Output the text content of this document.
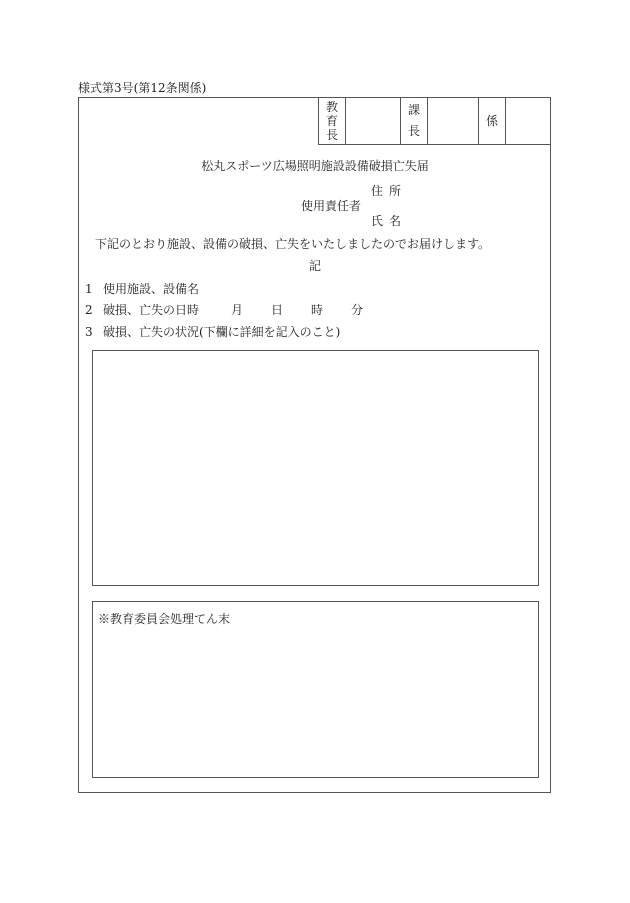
様式第3号(第12条関係)
教
育
長
課
長
係
松丸スポーツ広場照明施設設備破損亡失届
住所
使用責任者
氏名
下記のとおり施設、設備の破損、亡失をいたしましたのでお届けします。
記
1 使用施設、設備名
2 破損、亡失の日時	月 日 時 分
3 破損、亡失の状況(下欄に詳細を記入のこと)
※教育委員会処理てん末
